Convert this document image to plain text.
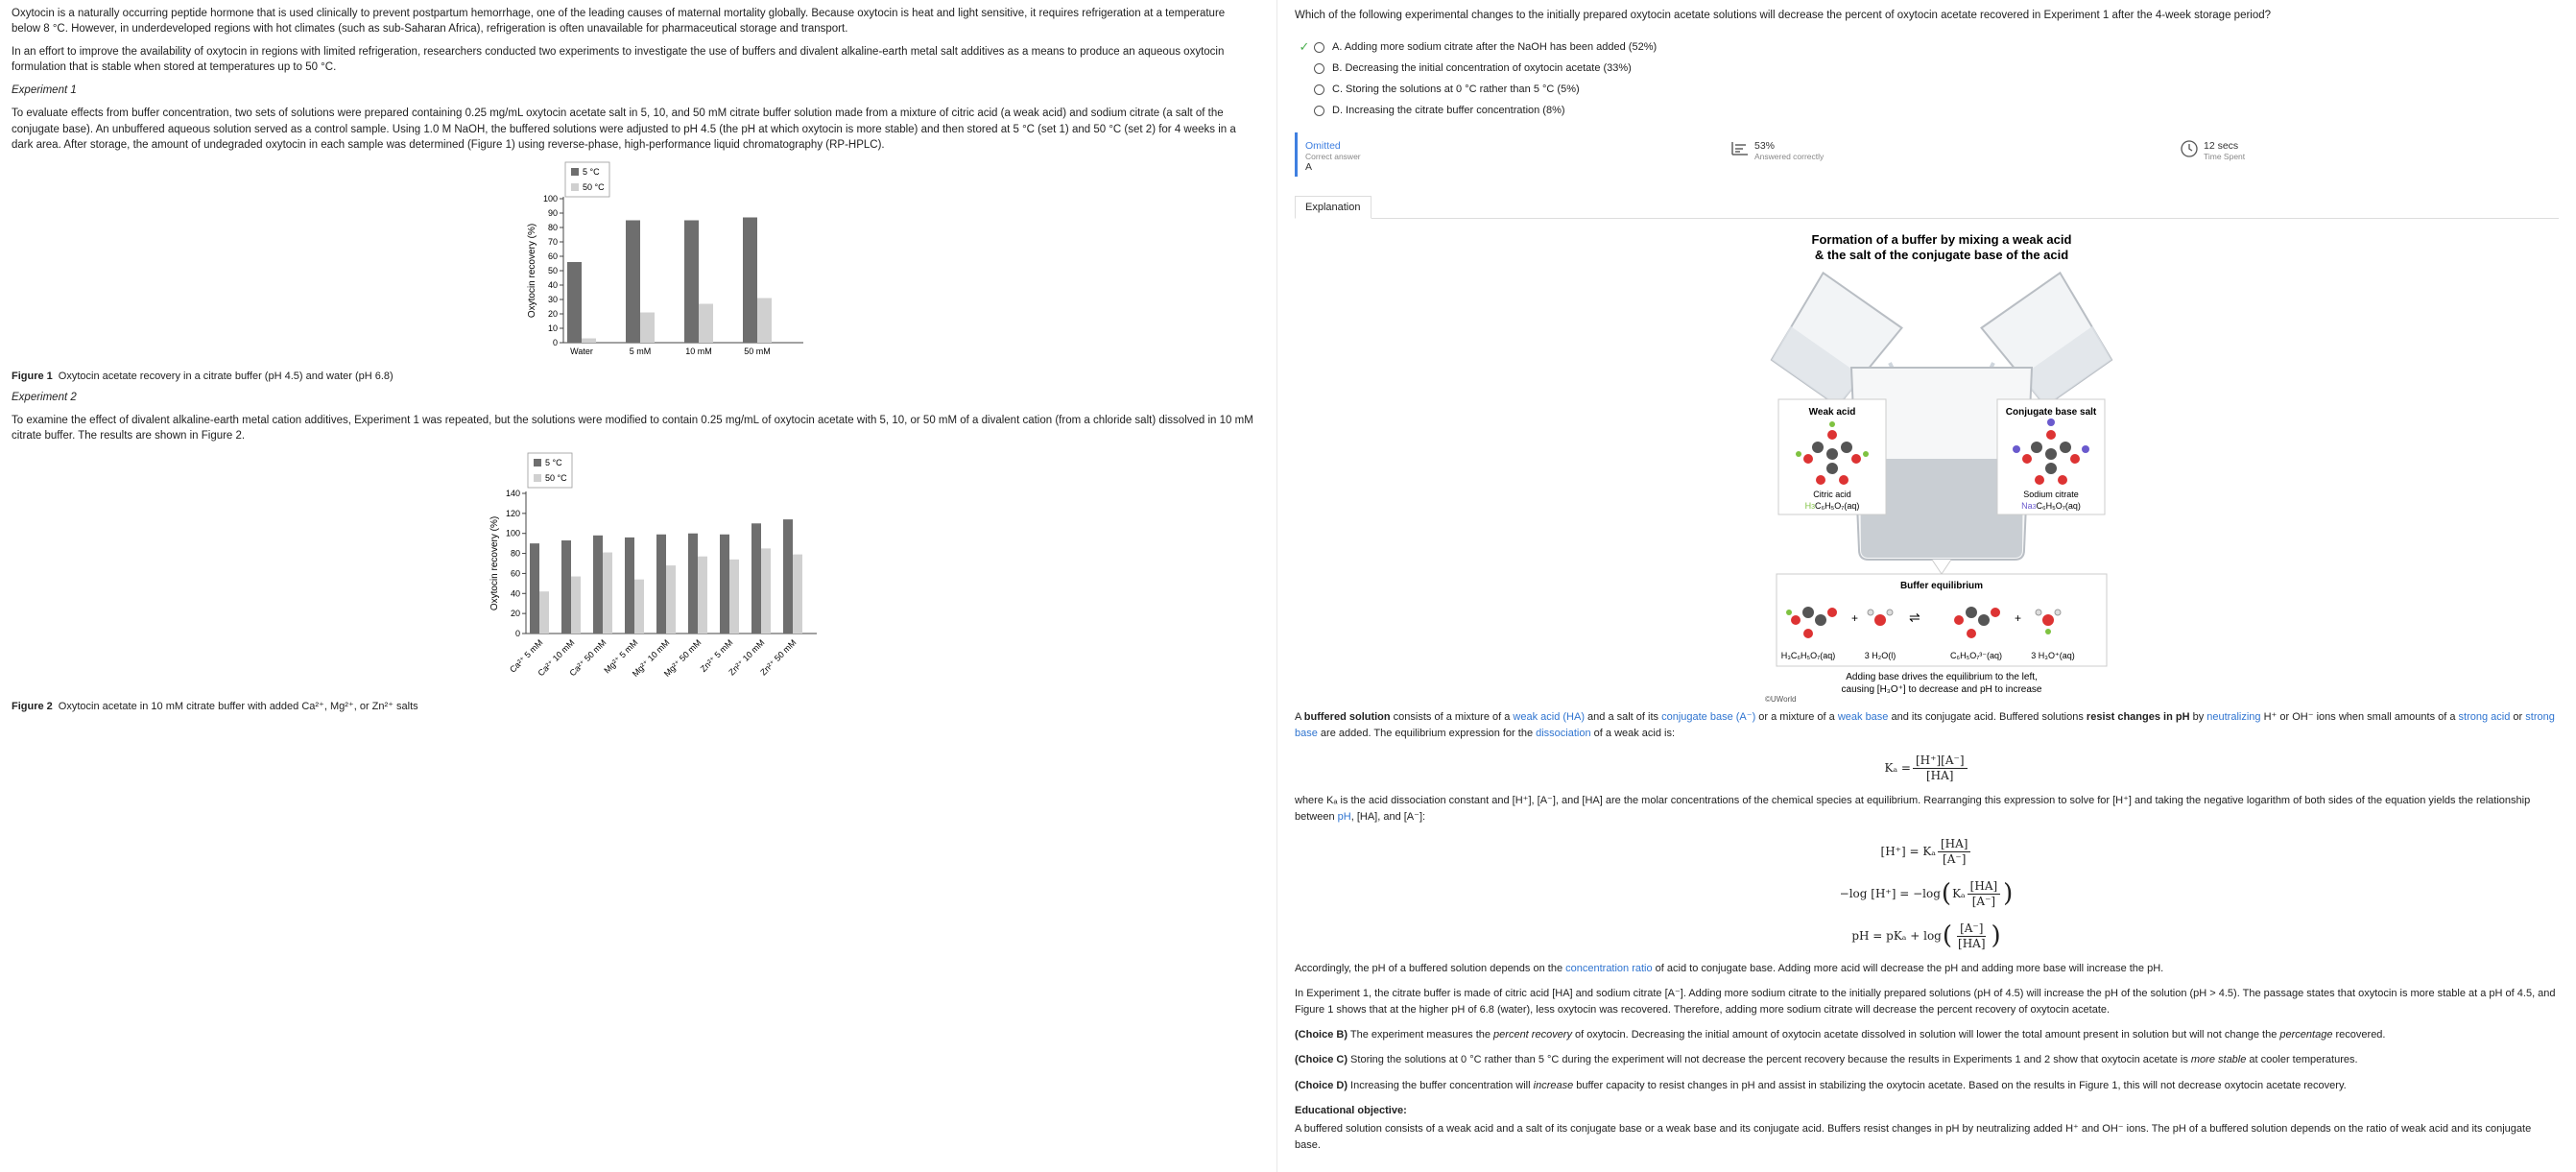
Oxytocin is a naturally occurring peptide hormone that is used clinically to prevent postpartum hemorrhage, one of the leading causes of maternal mortality globally. Because oxytocin is heat and light sensitive, it requires refrigeration at a temperature below 8 °C. However, in underdeveloped regions with hot climates (such as sub-Saharan Africa), refrigeration is often unavailable for pharmaceutical storage and transport.

In an effort to improve the availability of oxytocin in regions with limited refrigeration, researchers conducted two experiments to investigate the use of buffers and divalent alkaline-earth metal salt additives as a means to produce an aqueous oxytocin formulation that is stable when stored at temperatures up to 50 °C.

Experiment 1

To evaluate effects from buffer concentration, two sets of solutions were prepared containing 0.25 mg/mL oxytocin acetate salt in 5, 10, and 50 mM citrate buffer solution made from a mixture of citric acid (a weak acid) and sodium citrate (a salt of the conjugate base). An unbuffered aqueous solution served as a control sample. Using 1.0 M NaOH, the buffered solutions were adjusted to pH 4.5 (the pH at which oxytocin is more stable) and then stored at 5 °C (set 1) and 50 °C (set 2) for 4 weeks in a dark area. After storage, the amount of undegraded oxytocin in each sample was determined (Figure 1) using reverse-phase, high-performance liquid chromatography (RP-HPLC).

5 °C
50 °C
0
10
20
30
40
50
60
70
80
90
100
Oxytocin recovery (%)
Water	5 mM	10 mM	50 mM
Figure 1 Oxytocin acetate recovery in a citrate buffer (pH 4.5) and water (pH 6.8)

Experiment 2

To examine the effect of divalent alkaline-earth metal cation additives, Experiment 1 was repeated, but the solutions were modified to contain 0.25 mg/mL of oxytocin acetate with 5, 10, or 50 mM of a divalent cation (from a chloride salt) dissolved in 10 mM citrate buffer. The results are shown in Figure 2.

5 °C
50 °C
0
20
40
60
80
100
120
140
Oxytocin recovery (%)
Ca²⁺ 5 mM
Ca²⁺ 10 mM
Ca²⁺ 50 mM
Mg²⁺ 5 mM
Mg²⁺ 10 mM
Mg²⁺ 50 mM
Zn²⁺ 5 mM
Zn²⁺ 10 mM
Zn²⁺ 50 mM
Figure 2 Oxytocin acetate in 10 mM citrate buffer with added Ca²⁺, Mg²⁺, or Zn²⁺ salts

Which of the following experimental changes to the initially prepared oxytocin acetate solutions will decrease the percent of oxytocin acetate recovered in Experiment 1 after the 4-week storage period?

✓ A. Adding more sodium citrate after the NaOH has been added (52%)
B. Decreasing the initial concentration of oxytocin acetate (33%)
C. Storing the solutions at 0 °C rather than 5 °C (5%)
D. Increasing the citrate buffer concentration (8%)
Omitted
Correct answer
A
53%
Answered correctly
12 secs
Time Spent
Explanation
Formation of a buffer by mixing a weak acid
& the salt of the conjugate base of the acid
Weak acid
Citric acid
H3C₆H₅O₇(aq)
Conjugate base salt
Sodium citrate
Na3C₆H₅O₇(aq)
Buffer equilibrium
+	⇌	+
H₃C₆H₅O₇(aq)	3 H₂O(l)	C₆H₅O₇³⁻(aq)	3 H₃O⁺(aq)
Adding base drives the equilibrium to the left,
causing [H₃O⁺] to decrease and pH to increase
©UWorld

A buffered solution consists of a mixture of a weak acid (HA) and a salt of its conjugate base (A⁻) or a mixture of a weak base and its conjugate acid. Buffered solutions resist changes in pH by neutralizing H⁺ or OH⁻ ions when small amounts of a strong acid or strong base are added. The equilibrium expression for the dissociation of a weak acid is:

$K_a = \frac{[H^+][A^-]}{[HA]}$

where Kₐ is the acid dissociation constant and [H⁺], [A⁻], and [HA] are the molar concentrations of the chemical species at equilibrium. Rearranging this expression to solve for [H⁺] and taking the negative logarithm of both sides of the equation yields the relationship between pH, [HA], and [A⁻]:

[H⁺] = Kₐ $\frac{[HA]}{[A^-]}$
−log [H⁺] = −log ( Kₐ $\frac{[HA]}{[A^-]}$ )
pH = pKₐ + log ( $\frac{[A^-]}{[HA]}$ )

Accordingly, the pH of a buffered solution depends on the concentration ratio of acid to conjugate base. Adding more acid will decrease the pH and adding more base will increase the pH.

In Experiment 1, the citrate buffer is made of citric acid [HA] and sodium citrate [A⁻]. Adding more sodium citrate to the initially prepared solutions (pH of 4.5) will increase the pH of the solution (pH > 4.5). The passage states that oxytocin is more stable at a pH of 4.5, and Figure 1 shows that at the higher pH of 6.8 (water), less oxytocin was recovered. Therefore, adding more sodium citrate will decrease the percent recovery of oxytocin acetate.

(Choice B) The experiment measures the percent recovery of oxytocin. Decreasing the initial amount of oxytocin acetate dissolved in solution will lower the total amount present in solution but will not change the percentage recovered.

(Choice C) Storing the solutions at 0 °C rather than 5 °C during the experiment will not decrease the percent recovery because the results in Experiments 1 and 2 show that oxytocin acetate is more stable at cooler temperatures.

(Choice D) Increasing the buffer concentration will increase buffer capacity to resist changes in pH and assist in stabilizing the oxytocin acetate. Based on the results in Figure 1, this will not decrease oxytocin acetate recovery.

Educational objective:

A buffered solution consists of a weak acid and a salt of its conjugate base or a weak base and its conjugate acid. Buffers resist changes in pH by neutralizing added H⁺ and OH⁻ ions. The pH of a buffered solution depends on the ratio of weak acid and its conjugate base.
